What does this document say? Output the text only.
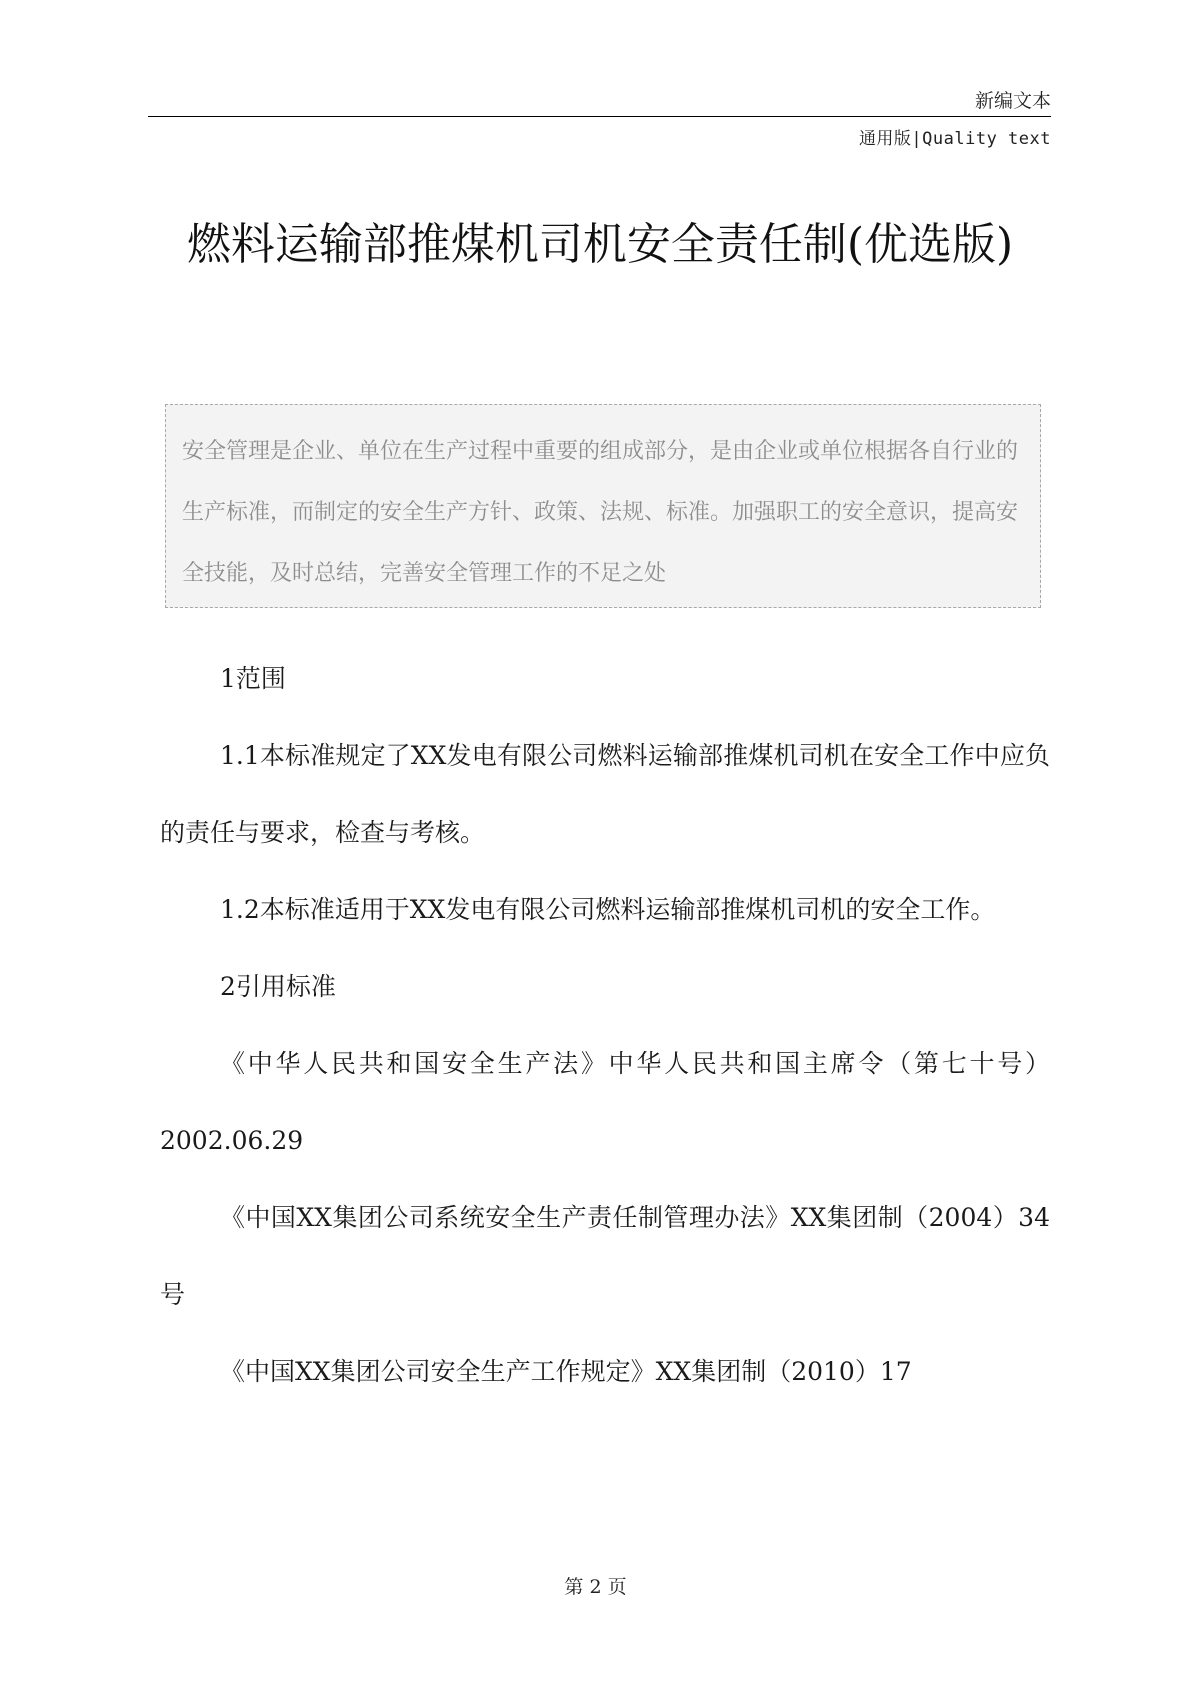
新编文本
通用版|Quality text
燃料运输部推煤机司机安全责任制(优选版)
安全管理是企业、单位在生产过程中重要的组成部分，是由企业或单位根据各自行业的生产标准，而制定的安全生产方针、政策、法规、标准。加强职工的安全意识，提高安全技能，及时总结，完善安全管理工作的不足之处

1范围

1.1本标准规定了XX发电有限公司燃料运输部推煤机司机在安全工作中应负的责任与要求，检查与考核。

1.2本标准适用于XX发电有限公司燃料运输部推煤机司机的安全工作。

2引用标准

《中华人民共和国安全生产法》中华人民共和国主席令（第七十号）2002.06.29

《中国XX集团公司系统安全生产责任制管理办法》XX集团制（2004）34号

《中国XX集团公司安全生产工作规定》XX集团制（2010）17

第 2 页
